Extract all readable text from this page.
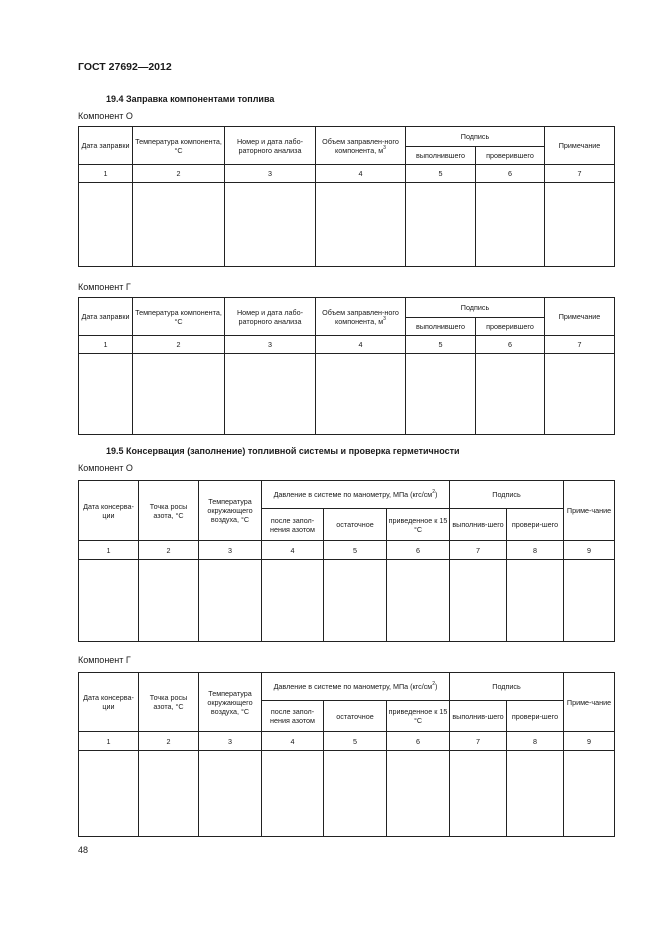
ГОСТ 27692—2012
19.4 Заправка компонентами топлива
Компонент О
Дата заправки	Температура компонента, °С	Номер и дата лабо-раторного анализа	Объем заправлен-ного компонента, $м^3$	Подпись		Примечание
				выполнившего	проверившего	
1	2	3	4	5	6	7

Компонент Г
Дата заправки	Температура компонента, °С	Номер и дата лабо-раторного анализа	Объем заправлен-ного компонента, $м^3$	Подпись		Примечание
				выполнившего	проверившего	
1	2	3	4	5	6	7

19.5 Консервация (заполнение) топливной системы и проверка герметичности
Компонент О
Дата консерва-ции	Точка росы азота, °С	Температура окружающего воздуха, °С	Давление в системе по манометру, МПа $(кгс/см^2)$			Подпись		Приме-чание
			после запол-нения азотом	остаточное	приведенное к 15 °С	выполнив-шего	провери-шего	
1	2	3	4	5	6	7	8	9

Компонент Г
Дата консерва-ции	Точка росы азота, °С	Температура окружающего воздуха, °С	Давление в системе по манометру, МПа $(кгс/см^2)$			Подпись		Приме-чание
			после запол-нения азотом	остаточное	приведенное к 15 °С	выполнив-шего	провери-шего	
1	2	3	4	5	6	7	8	9

48
